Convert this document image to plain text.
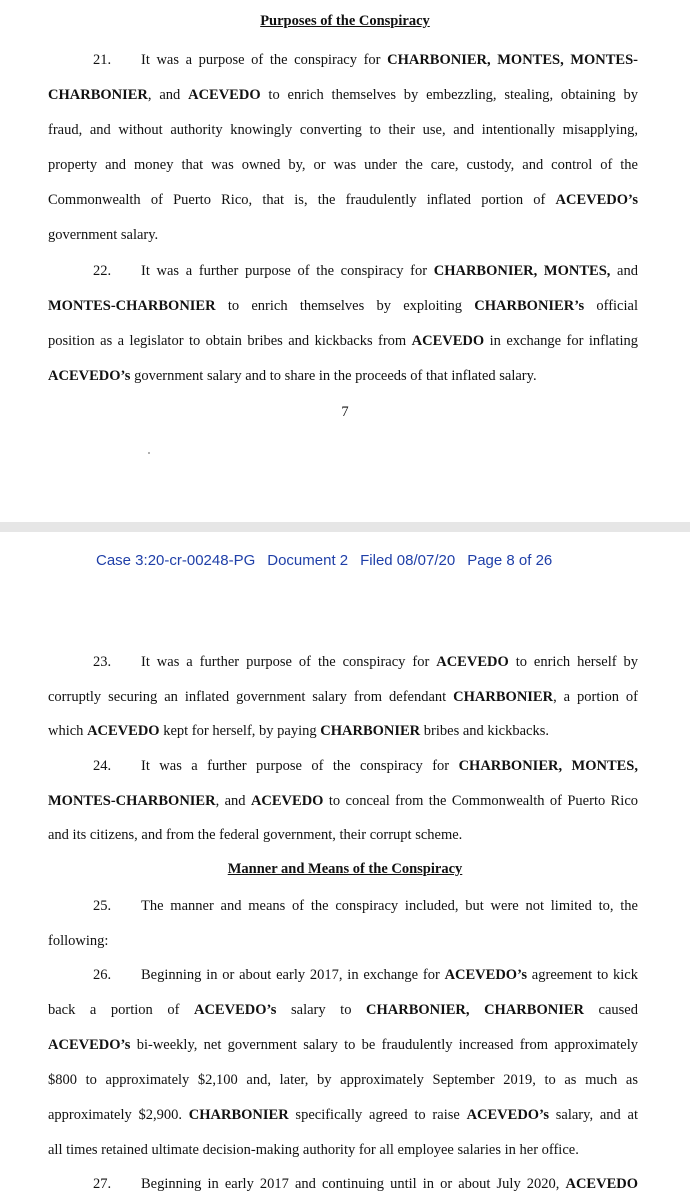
Purposes of the Conspiracy
21. It was a purpose of the conspiracy for CHARBONIER, MONTES, MONTES-
CHARBONIER, and ACEVEDO to enrich themselves by embezzling, stealing, obtaining by
fraud, and without authority knowingly converting to their use, and intentionally misapplying,
property and money that was owned by, or was under the care, custody, and control of the
Commonwealth of Puerto Rico, that is, the fraudulently inflated portion of ACEVEDO’s
government salary.
22. It was a further purpose of the conspiracy for CHARBONIER, MONTES, and
MONTES-CHARBONIER to enrich themselves by exploiting CHARBONIER’s official
position as a legislator to obtain bribes and kickbacks from ACEVEDO in exchange for inflating
ACEVEDO’s government salary and to share in the proceeds of that inflated salary.
7
Case 3:20-cr-00248-PG Document 2 Filed 08/07/20 Page 8 of 26
23. It was a further purpose of the conspiracy for ACEVEDO to enrich herself by
corruptly securing an inflated government salary from defendant CHARBONIER, a portion of
which ACEVEDO kept for herself, by paying CHARBONIER bribes and kickbacks.
24. It was a further purpose of the conspiracy for CHARBONIER, MONTES,
MONTES-CHARBONIER, and ACEVEDO to conceal from the Commonwealth of Puerto Rico
and its citizens, and from the federal government, their corrupt scheme.
Manner and Means of the Conspiracy
25. The manner and means of the conspiracy included, but were not limited to, the
following:
26. Beginning in or about early 2017, in exchange for ACEVEDO’s agreement to kick
back a portion of ACEVEDO’s salary to CHARBONIER, CHARBONIER caused
ACEVEDO’s bi-weekly, net government salary to be fraudulently increased from approximately
$800 to approximately $2,100 and, later, by approximately September 2019, to as much as
approximately $2,900. CHARBONIER specifically agreed to raise ACEVEDO’s salary, and at
all times retained ultimate decision-making authority for all employee salaries in her office.
27. Beginning in early 2017 and continuing until in or about July 2020, ACEVEDO
